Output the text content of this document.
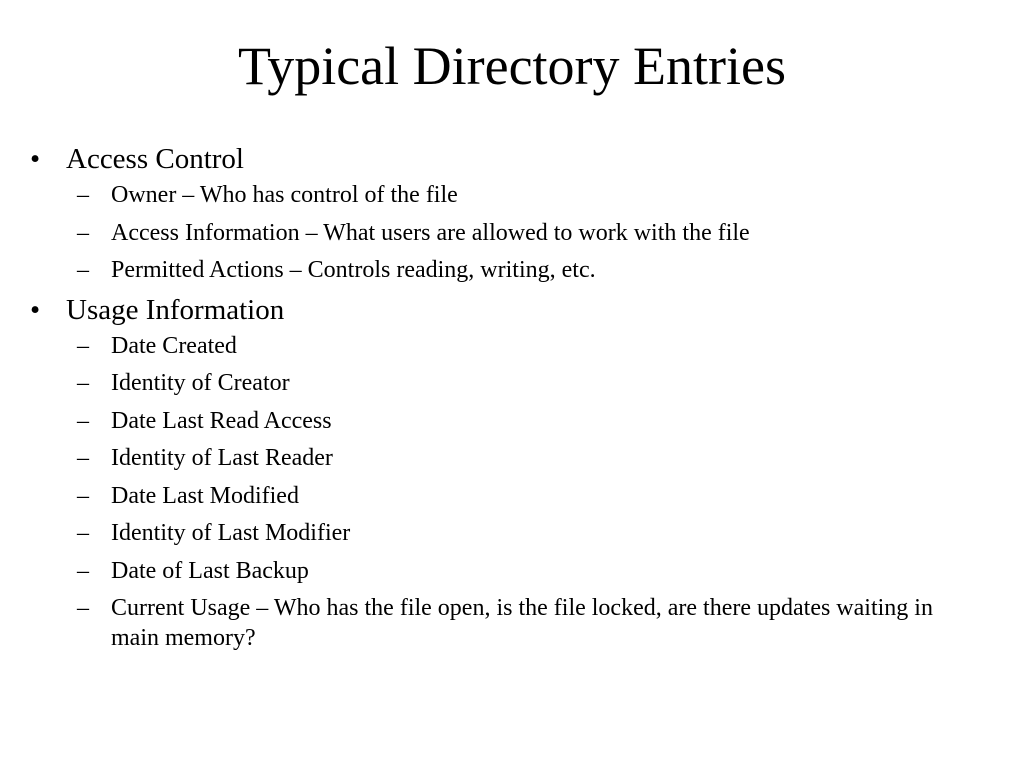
Typical Directory Entries
• Access Control
– Owner – Who has control of the file
– Access Information – What users are allowed to work with the file
– Permitted Actions – Controls reading, writing, etc.
• Usage Information
– Date Created
– Identity of Creator
– Date Last Read Access
– Identity of Last Reader
– Date Last Modified
– Identity of Last Modifier
– Date of Last Backup
– Current Usage – Who has the file open, is the file locked, are there updates waiting in main memory?
